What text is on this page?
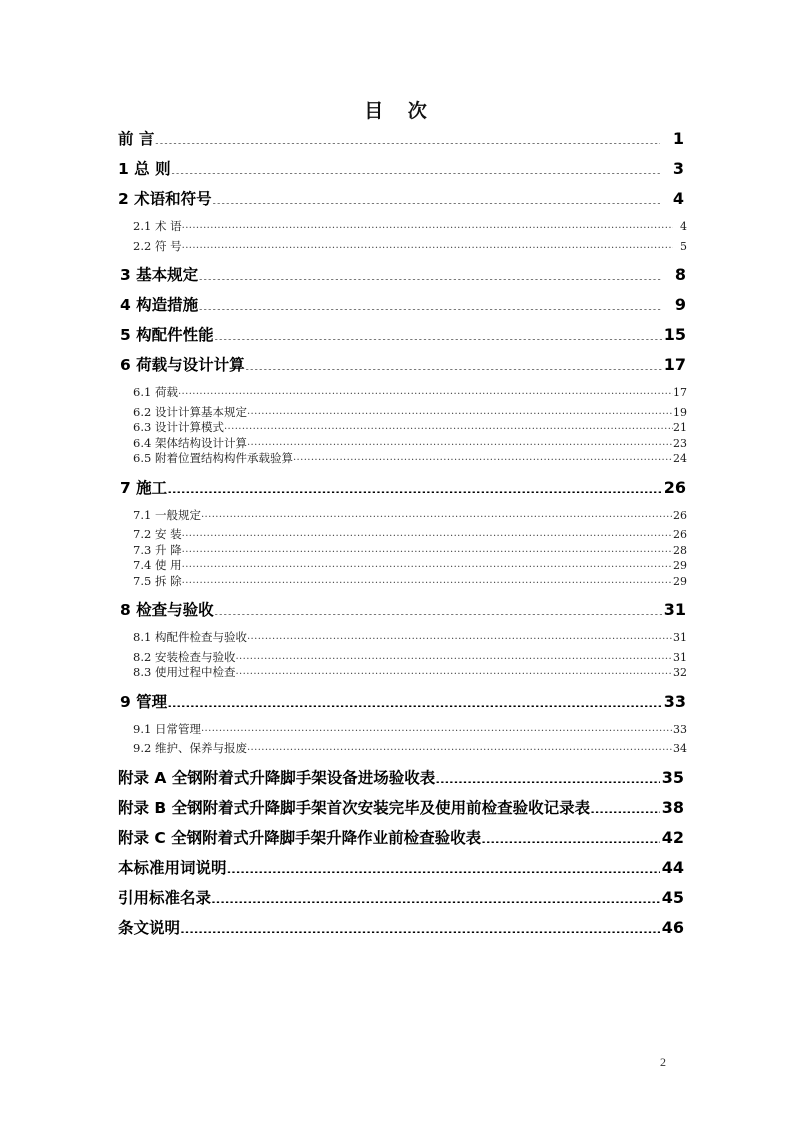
目 次
前 言 .....	1
1 总 则 .....	3
2 术语和符号 .....	4
2.1 术 语 .....	4
2.2 符 号 .....	5
3 基本规定 .....	8
4 构造措施 .....	9
5 构配件性能 .....	15
6 荷载与设计计算 .....	17
6.1 荷载 .....	17
6.2 设计计算基本规定 .....	19
6.3 设计计算模式 .....	21
6.4 架体结构设计计算 .....	23
6.5 附着位置结构构件承载验算 .....	24
7 施工 .....	26
7.1 一般规定 .....	26
7.2 安 装 .....	26
7.3 升 降 .....	28
7.4 使 用 .....	29
7.5 拆 除 .....	29
8 检查与验收 .....	31
8.1 构配件检查与验收 .....	31
8.2 安装检查与验收 .....	31
8.3 使用过程中检查 .....	32
9 管理 .....	33
9.1 日常管理 .....	33
9.2 维护、保养与报废 .....	34
附录 A 全钢附着式升降脚手架设备进场验收表 .....	35
附录 B 全钢附着式升降脚手架首次安装完毕及使用前检查验收记录表 .....	38
附录 C 全钢附着式升降脚手架升降作业前检查验收表 .....	42
本标准用词说明 .....	44
引用标准名录 .....	45
条文说明 .....	46
2
